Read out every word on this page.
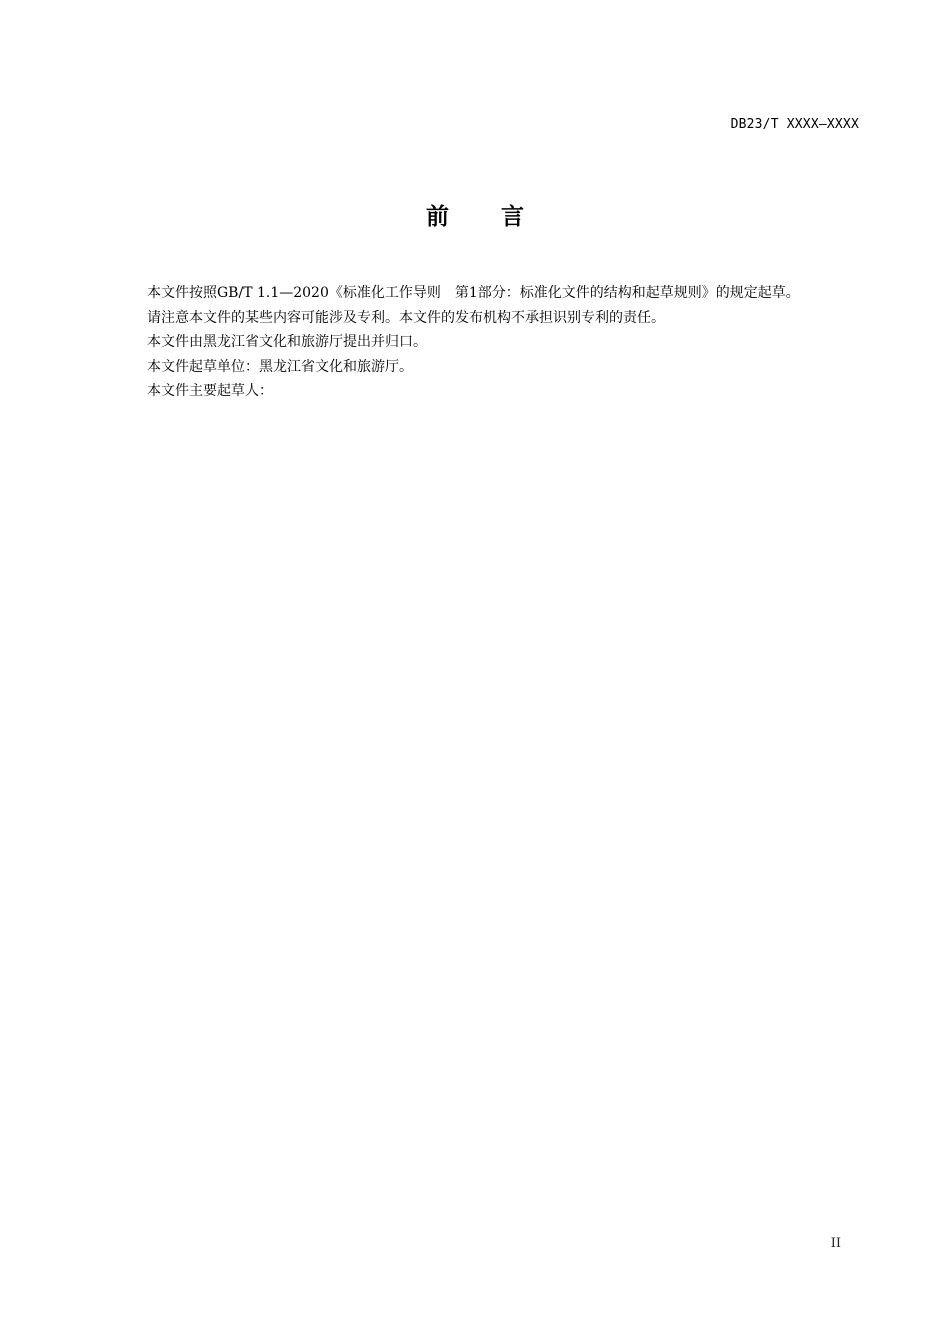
DB23/T XXXX—XXXX
前 言

本文件按照GB/T 1.1—2020《标准化工作导则　第1部分：标准化文件的结构和起草规则》的规定起草。

请注意本文件的某些内容可能涉及专利。本文件的发布机构不承担识别专利的责任。

本文件由黑龙江省文化和旅游厅提出并归口。

本文件起草单位：黑龙江省文化和旅游厅。

本文件主要起草人：

II
